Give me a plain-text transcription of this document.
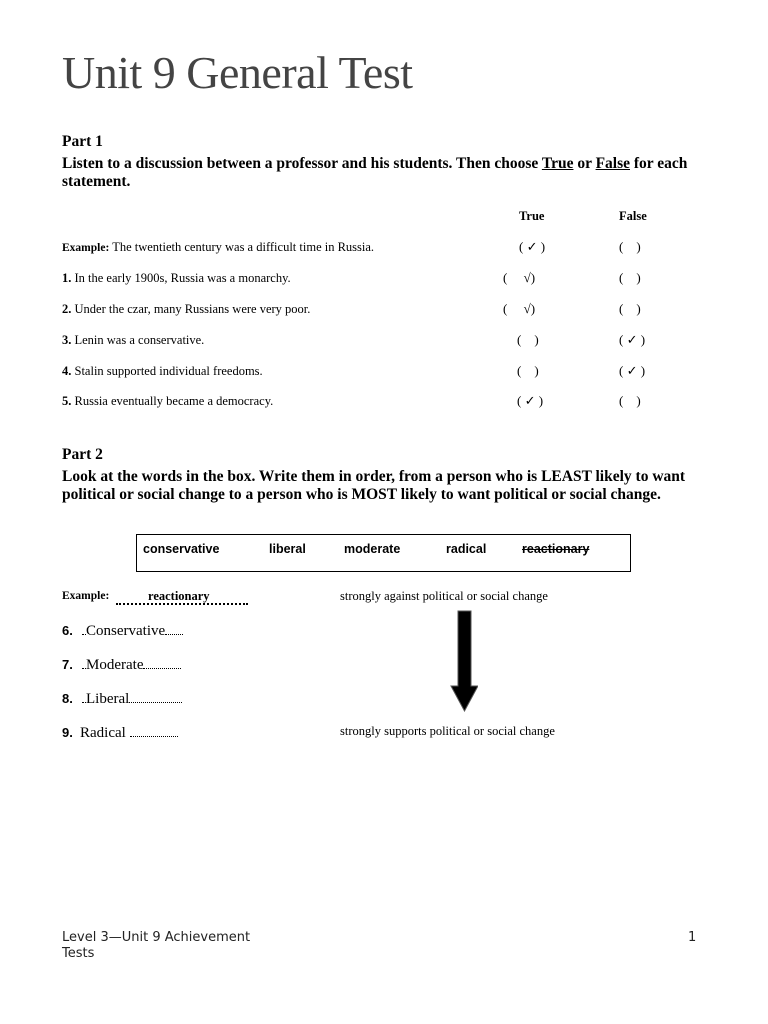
Unit 9 General Test
Part 1
Listen to a discussion between a professor and his students. Then choose True or False for each statement.
True	False
Example: The twentieth century was a difficult time in Russia.	( ✓ )	(    )
1. In the early 1900s, Russia was a monarchy.	(     √)	(    )
2. Under the czar, many Russians were very poor.	(     √)	(    )
3. Lenin was a conservative.	(    )	( ✓ )
4. Stalin supported individual freedoms.	(    )	( ✓ )
5. Russia eventually became a democracy.	( ✓ )	(    )
Part 2
Look at the words in the box. Write them in order, from a person who is LEAST likely to want political or social change to a person who is MOST likely to want political or social change.
conservative	liberal	moderate	radical	reactionary
Example:	reactionary	strongly against political or social change
6. Conservative
7. Moderate
8. Liberal
9. Radical	strongly supports political or social change
Level 3—Unit 9 Achievement Tests
1
